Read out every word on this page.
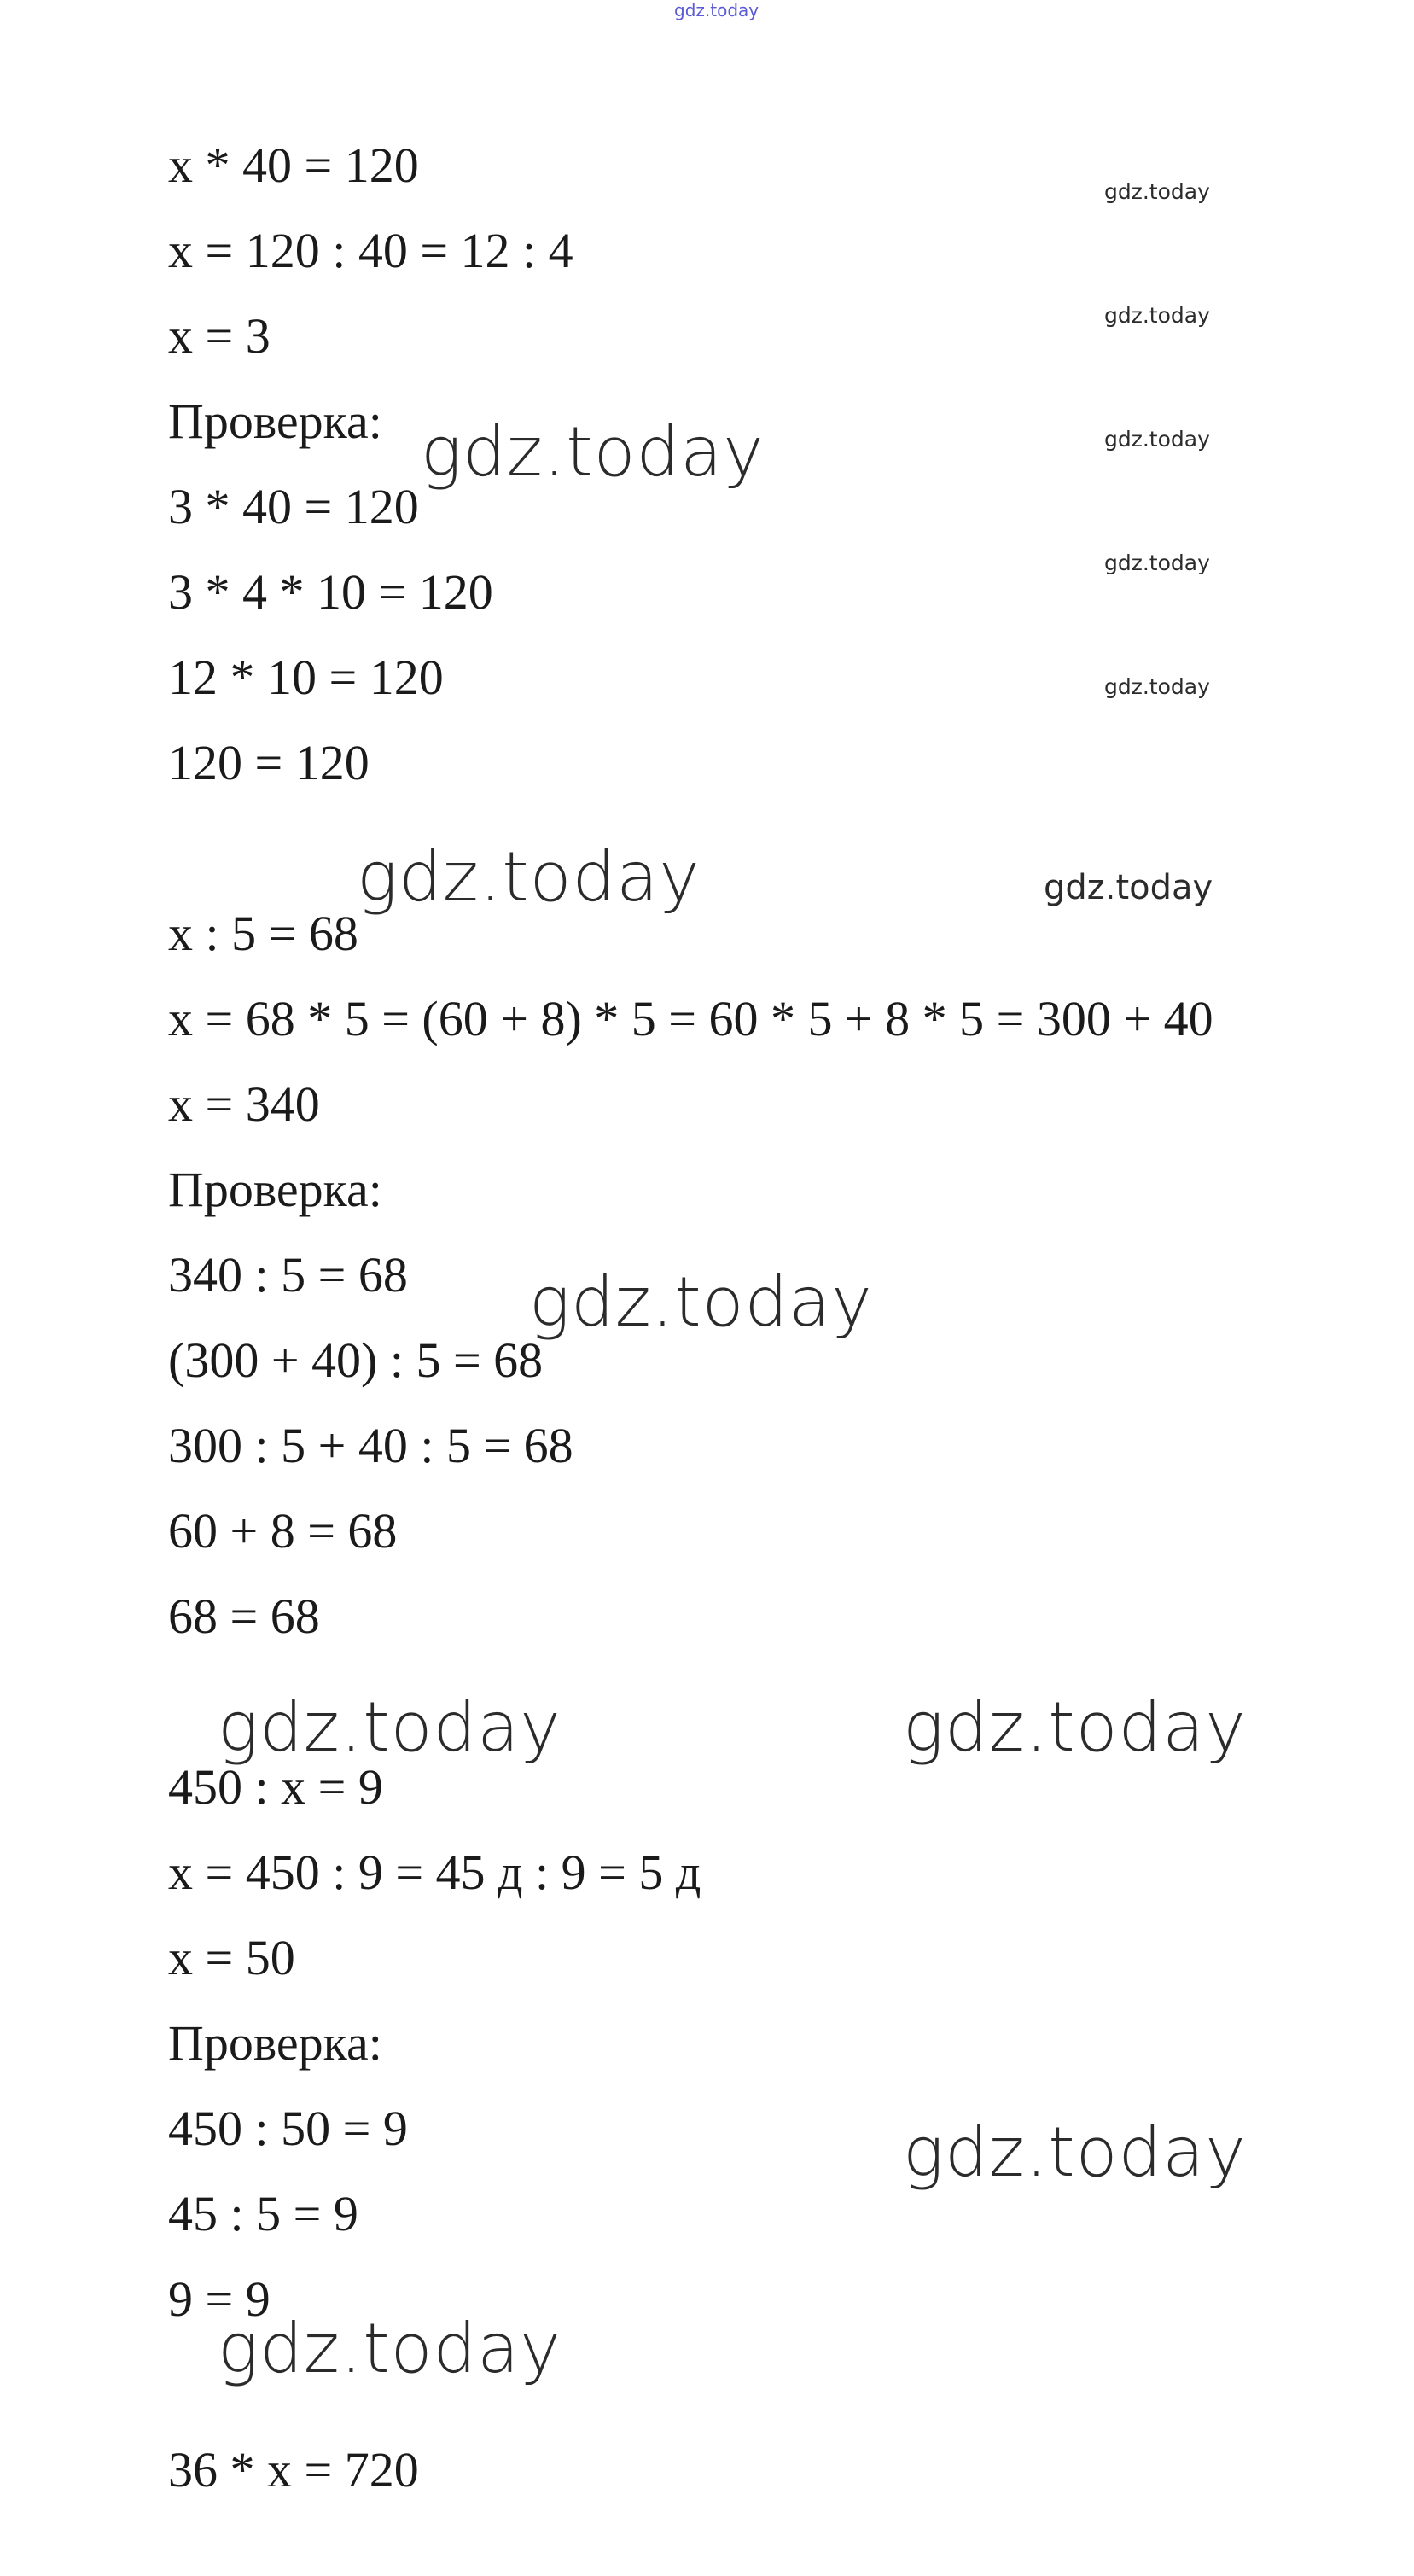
gdz.today
gdz.today
gdz.today
gdz.today
gdz.today
gdz.today
gdz.today
gdz.today
gdz.today
gdz.today
gdz.today	gdz.today
gdz.today
gdz.today
x * 40 = 120
x = 120 : 40 = 12 : 4
x = 3
Проверка:
3 * 40 = 120
3 * 4 * 10 = 120
12 * 10 = 120
120 = 120
x : 5 = 68
x = 68 * 5 = (60 + 8) * 5 = 60 * 5 + 8 * 5 = 300 + 40
x = 340
Проверка:
340 : 5 = 68
(300 + 40) : 5 = 68
300 : 5 + 40 : 5 = 68
60 + 8 = 68
68 = 68
450 : x = 9
x = 450 : 9 = 45 д : 9 = 5 д
x = 50
Проверка:
450 : 50 = 9
45 : 5 = 9
9 = 9
36 * x = 720
